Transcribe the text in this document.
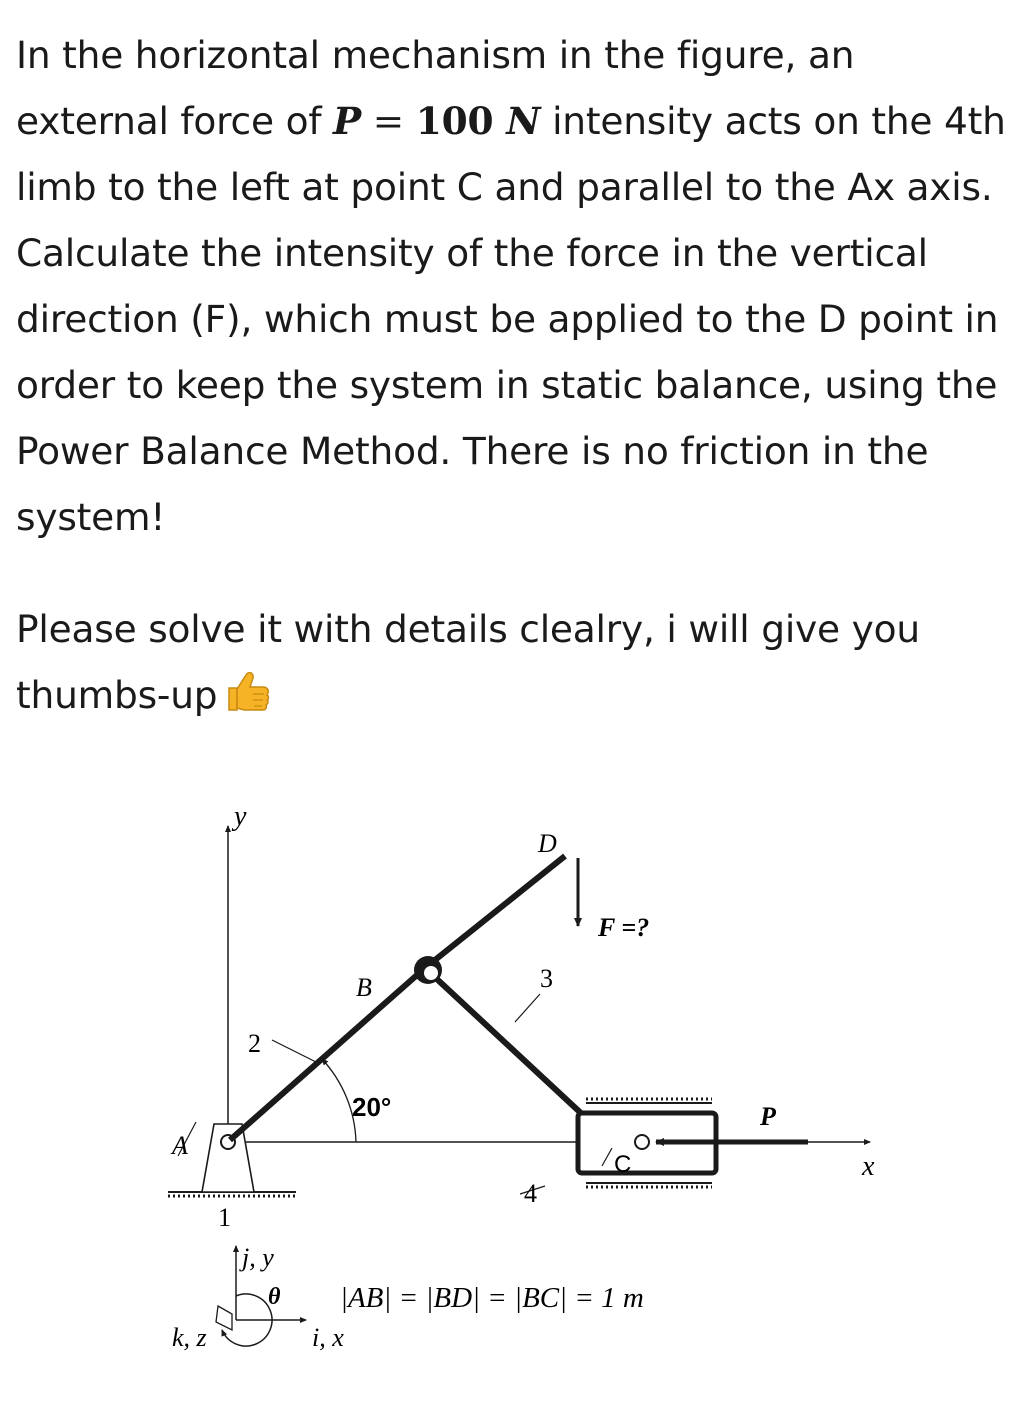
In the horizontal mechanism in the figure, an external force of P = 100 N intensity acts on the 4th limb to the left at point C and parallel to the Ax axis. Calculate the intensity of the force in the vertical direction (F), which must be applied to the D point in order to keep the system in static balance, using the Power Balance Method. There is no friction in the system!

Please solve it with details clealry, i will give you thumbs-up

y
x
A
1
2
B
20°
3
D
F =?
C
4
P
j, y
θ
k, z	i, x
|AB| = |BD| = |BC| = 1 m
